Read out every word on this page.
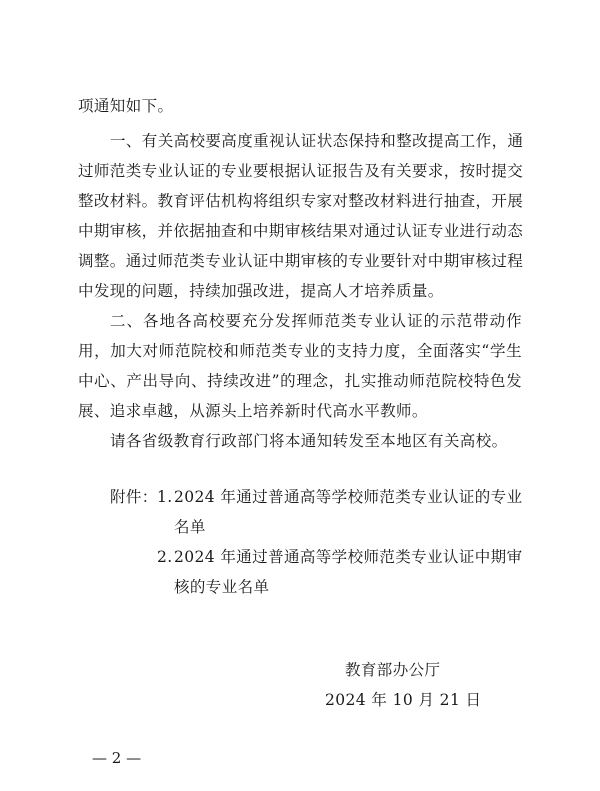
项通知如下。
一、有关高校要高度重视认证状态保持和整改提高工作，通
过师范类专业认证的专业要根据认证报告及有关要求，按时提交
整改材料。教育评估机构将组织专家对整改材料进行抽查，开展
中期审核，并依据抽查和中期审核结果对通过认证专业进行动态
调整。通过师范类专业认证中期审核的专业要针对中期审核过程
中发现的问题，持续加强改进，提高人才培养质量。
二、各地各高校要充分发挥师范类专业认证的示范带动作
用，加大对师范院校和师范类专业的支持力度，全面落实“学生
中心、产出导向、持续改进”的理念，扎实推动师范院校特色发
展、追求卓越，从源头上培养新时代高水平教师。
请各省级教育行政部门将本通知转发至本地区有关高校。
附件： 1. 2024 年通过普通高等学校师范类专业认证的专业
名单
2. 2024 年通过普通高等学校师范类专业认证中期审
核的专业名单
教育部办公厅
2024 年 10 月 21 日
— 2 —
